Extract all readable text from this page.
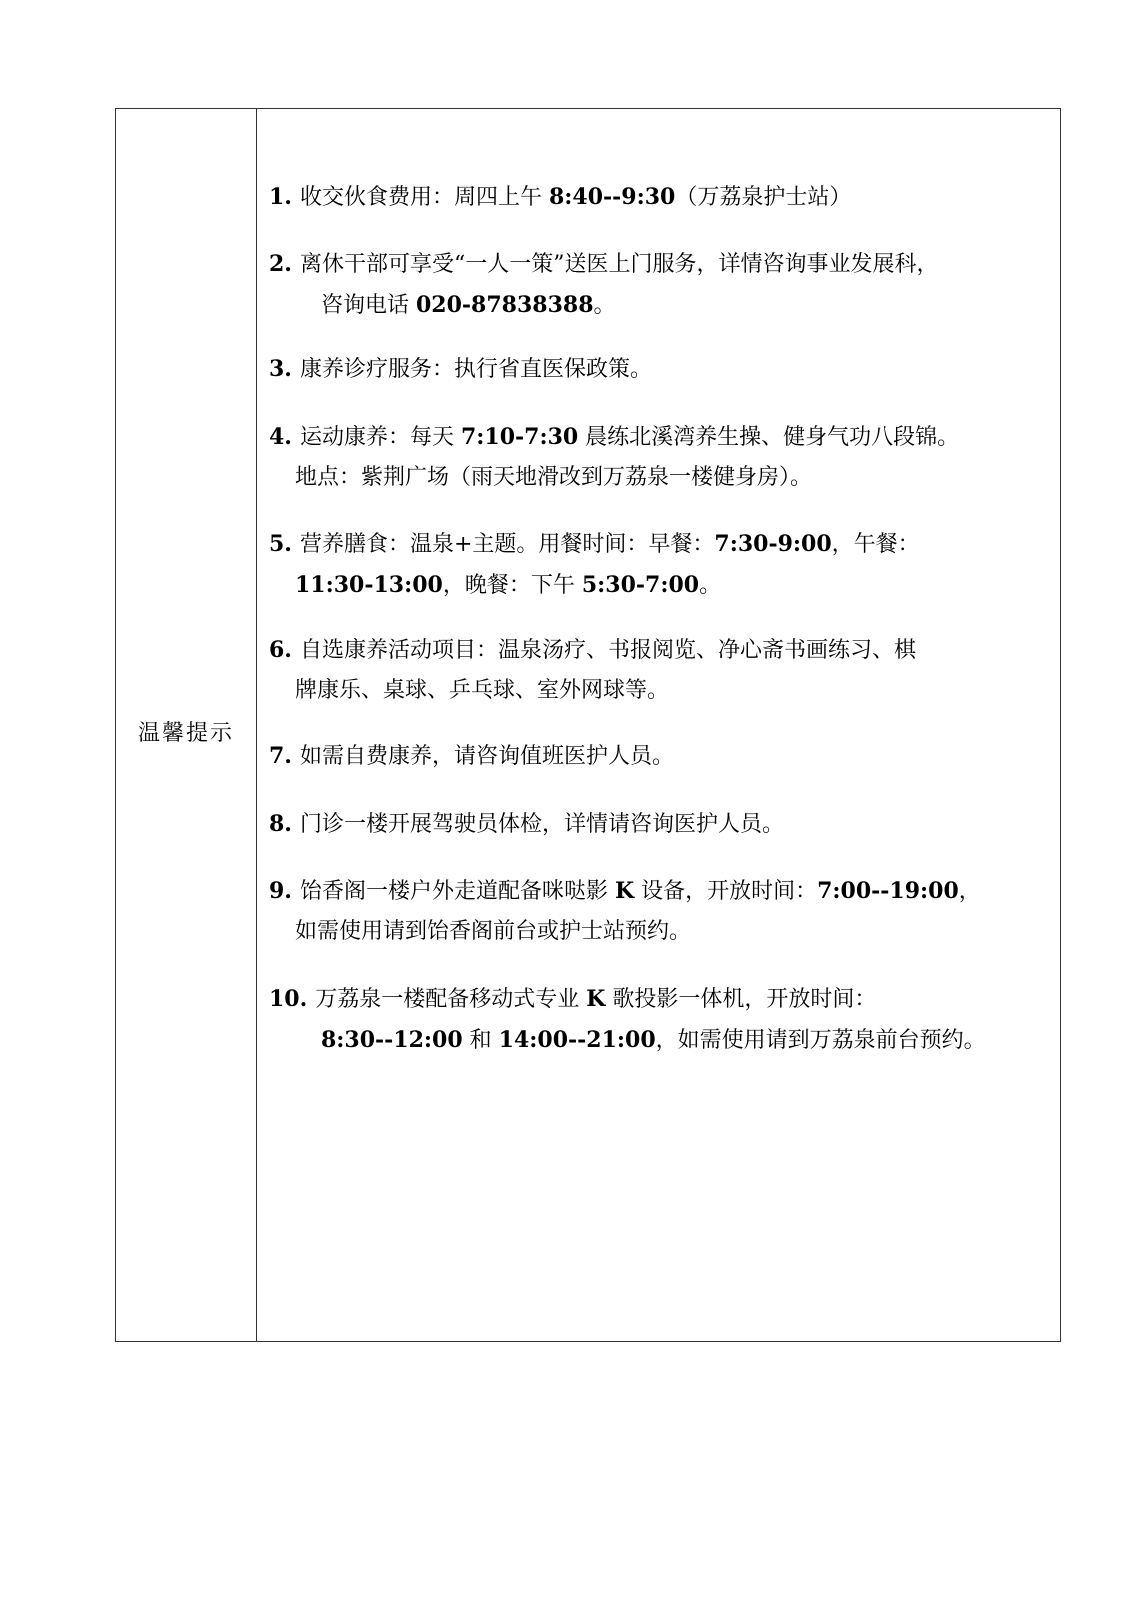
温馨提示
1. 收交伙食费用：周四上午 8:40--9:30（万荔泉护士站）
2. 离休干部可享受“一人一策”送医上门服务，详情咨询事业发展科，
咨询电话 020-87838388。
3. 康养诊疗服务：执行省直医保政策。
4. 运动康养：每天 7:10-7:30 晨练北溪湾养生操、健身气功八段锦。
地点：紫荆广场（雨天地滑改到万荔泉一楼健身房）。
5. 营养膳食：温泉+主题。用餐时间：早餐：7:30-9:00，午餐：
11:30-13:00，晚餐：下午 5:30-7:00。
6. 自选康养活动项目：温泉汤疗、书报阅览、净心斋书画练习、棋
牌康乐、桌球、乒乓球、室外网球等。
7. 如需自费康养，请咨询值班医护人员。
8. 门诊一楼开展驾驶员体检，详情请咨询医护人员。
9. 饴香阁一楼户外走道配备咪哒影 K 设备，开放时间：7:00--19:00，
如需使用请到饴香阁前台或护士站预约。
10. 万荔泉一楼配备移动式专业 K 歌投影一体机，开放时间：
8:30--12:00 和 14:00--21:00，如需使用请到万荔泉前台预约。
